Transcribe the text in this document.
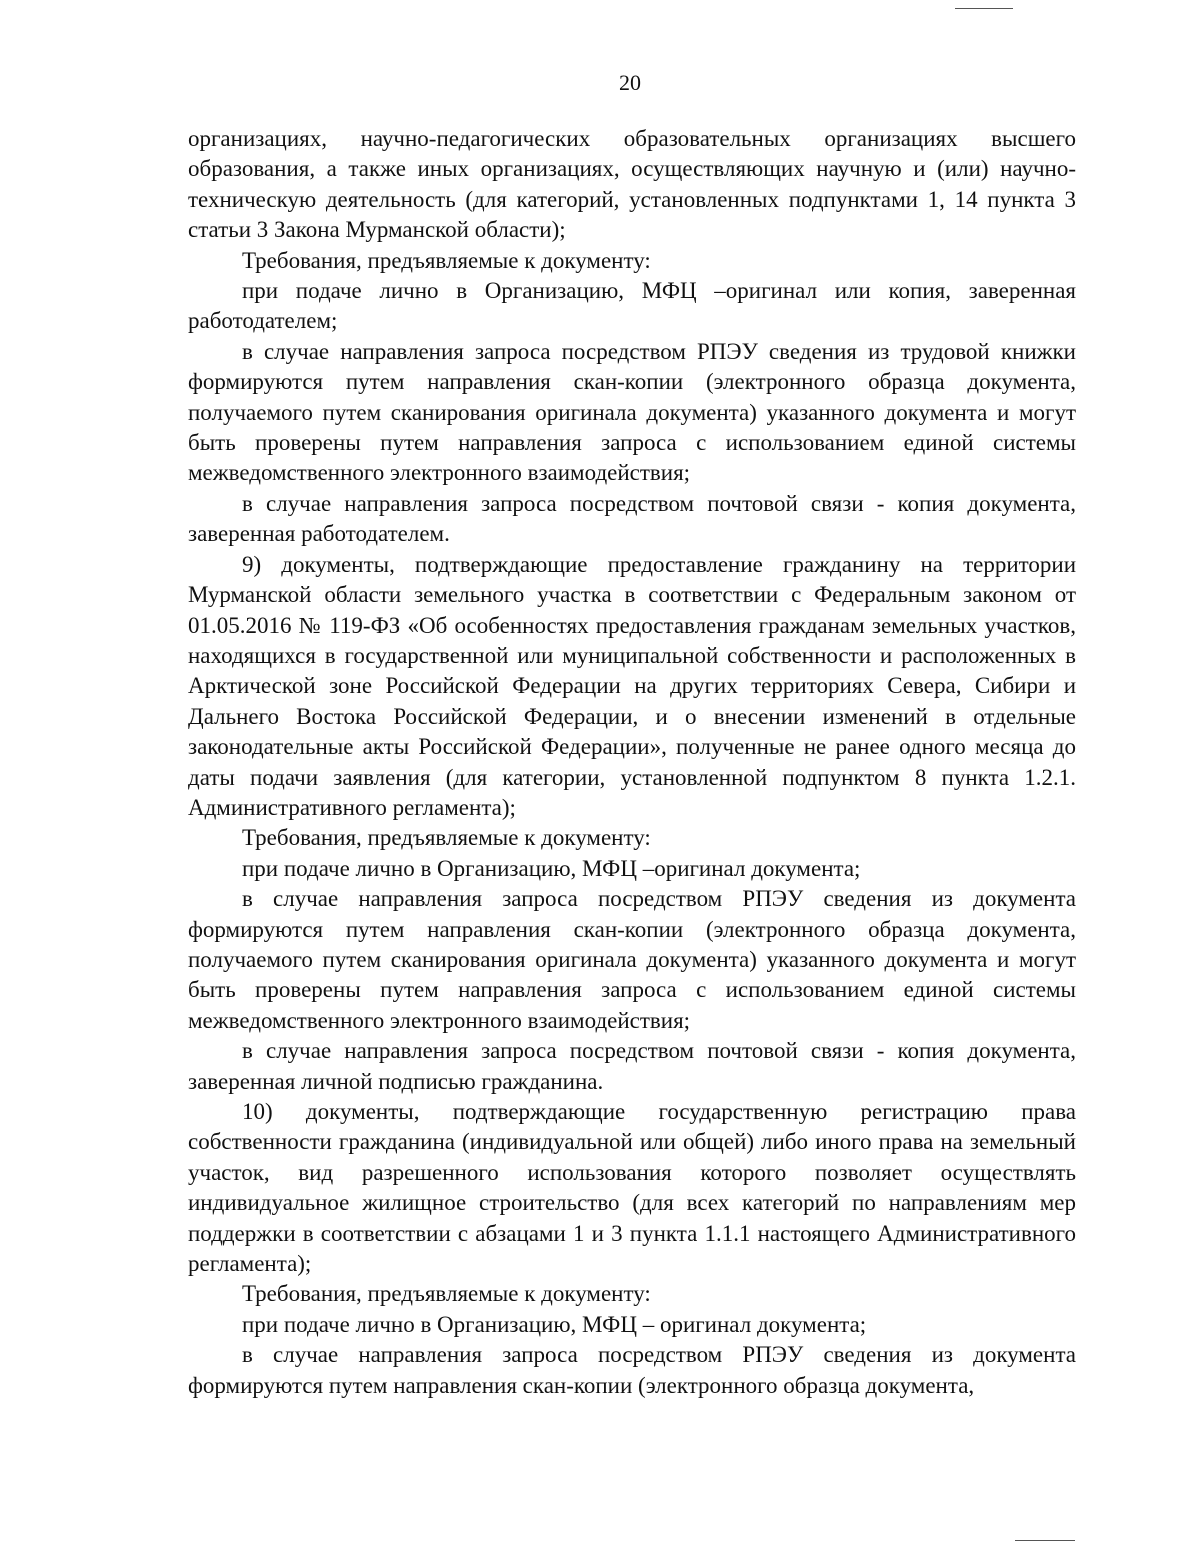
20

организациях, научно-педагогических образовательных организациях высшего образования, а также иных организациях, осуществляющих научную и (или) научно-техническую деятельность (для категорий, установленных подпунктами 1, 14 пункта 3 статьи 3 Закона Мурманской области);

Требования, предъявляемые к документу:

при подаче лично в Организацию, МФЦ –оригинал или копия, заверенная работодателем;

в случае направления запроса посредством РПЭУ сведения из трудовой книжки формируются путем направления скан-копии (электронного образца документа, получаемого путем сканирования оригинала документа) указанного документа и могут быть проверены путем направления запроса с использованием единой системы межведомственного электронного взаимодействия;

в случае направления запроса посредством почтовой связи - копия документа, заверенная работодателем.

9) документы, подтверждающие предоставление гражданину на территории Мурманской области земельного участка в соответствии с Федеральным законом от 01.05.2016 № 119-ФЗ «Об особенностях предоставления гражданам земельных участков, находящихся в государственной или муниципальной собственности и расположенных в Арктической зоне Российской Федерации на других территориях Севера, Сибири и Дальнего Востока Российской Федерации, и о внесении изменений в отдельные законодательные акты Российской Федерации», полученные не ранее одного месяца до даты подачи заявления (для категории, установленной подпунктом 8 пункта 1.2.1. Административного регламента);

Требования, предъявляемые к документу:

при подаче лично в Организацию, МФЦ –оригинал документа;

в случае направления запроса посредством РПЭУ сведения из документа формируются путем направления скан-копии (электронного образца документа, получаемого путем сканирования оригинала документа) указанного документа и могут быть проверены путем направления запроса с использованием единой системы межведомственного электронного взаимодействия;

в случае направления запроса посредством почтовой связи - копия документа, заверенная личной подписью гражданина.

10) документы, подтверждающие государственную регистрацию права собственности гражданина (индивидуальной или общей) либо иного права на земельный участок, вид разрешенного использования которого позволяет осуществлять индивидуальное жилищное строительство (для всех категорий по направлениям мер поддержки в соответствии с абзацами 1 и 3 пункта 1.1.1 настоящего Административного регламента);

Требования, предъявляемые к документу:

при подаче лично в Организацию, МФЦ – оригинал документа;

в случае направления запроса посредством РПЭУ сведения из документа формируются путем направления скан-копии (электронного образца документа,
